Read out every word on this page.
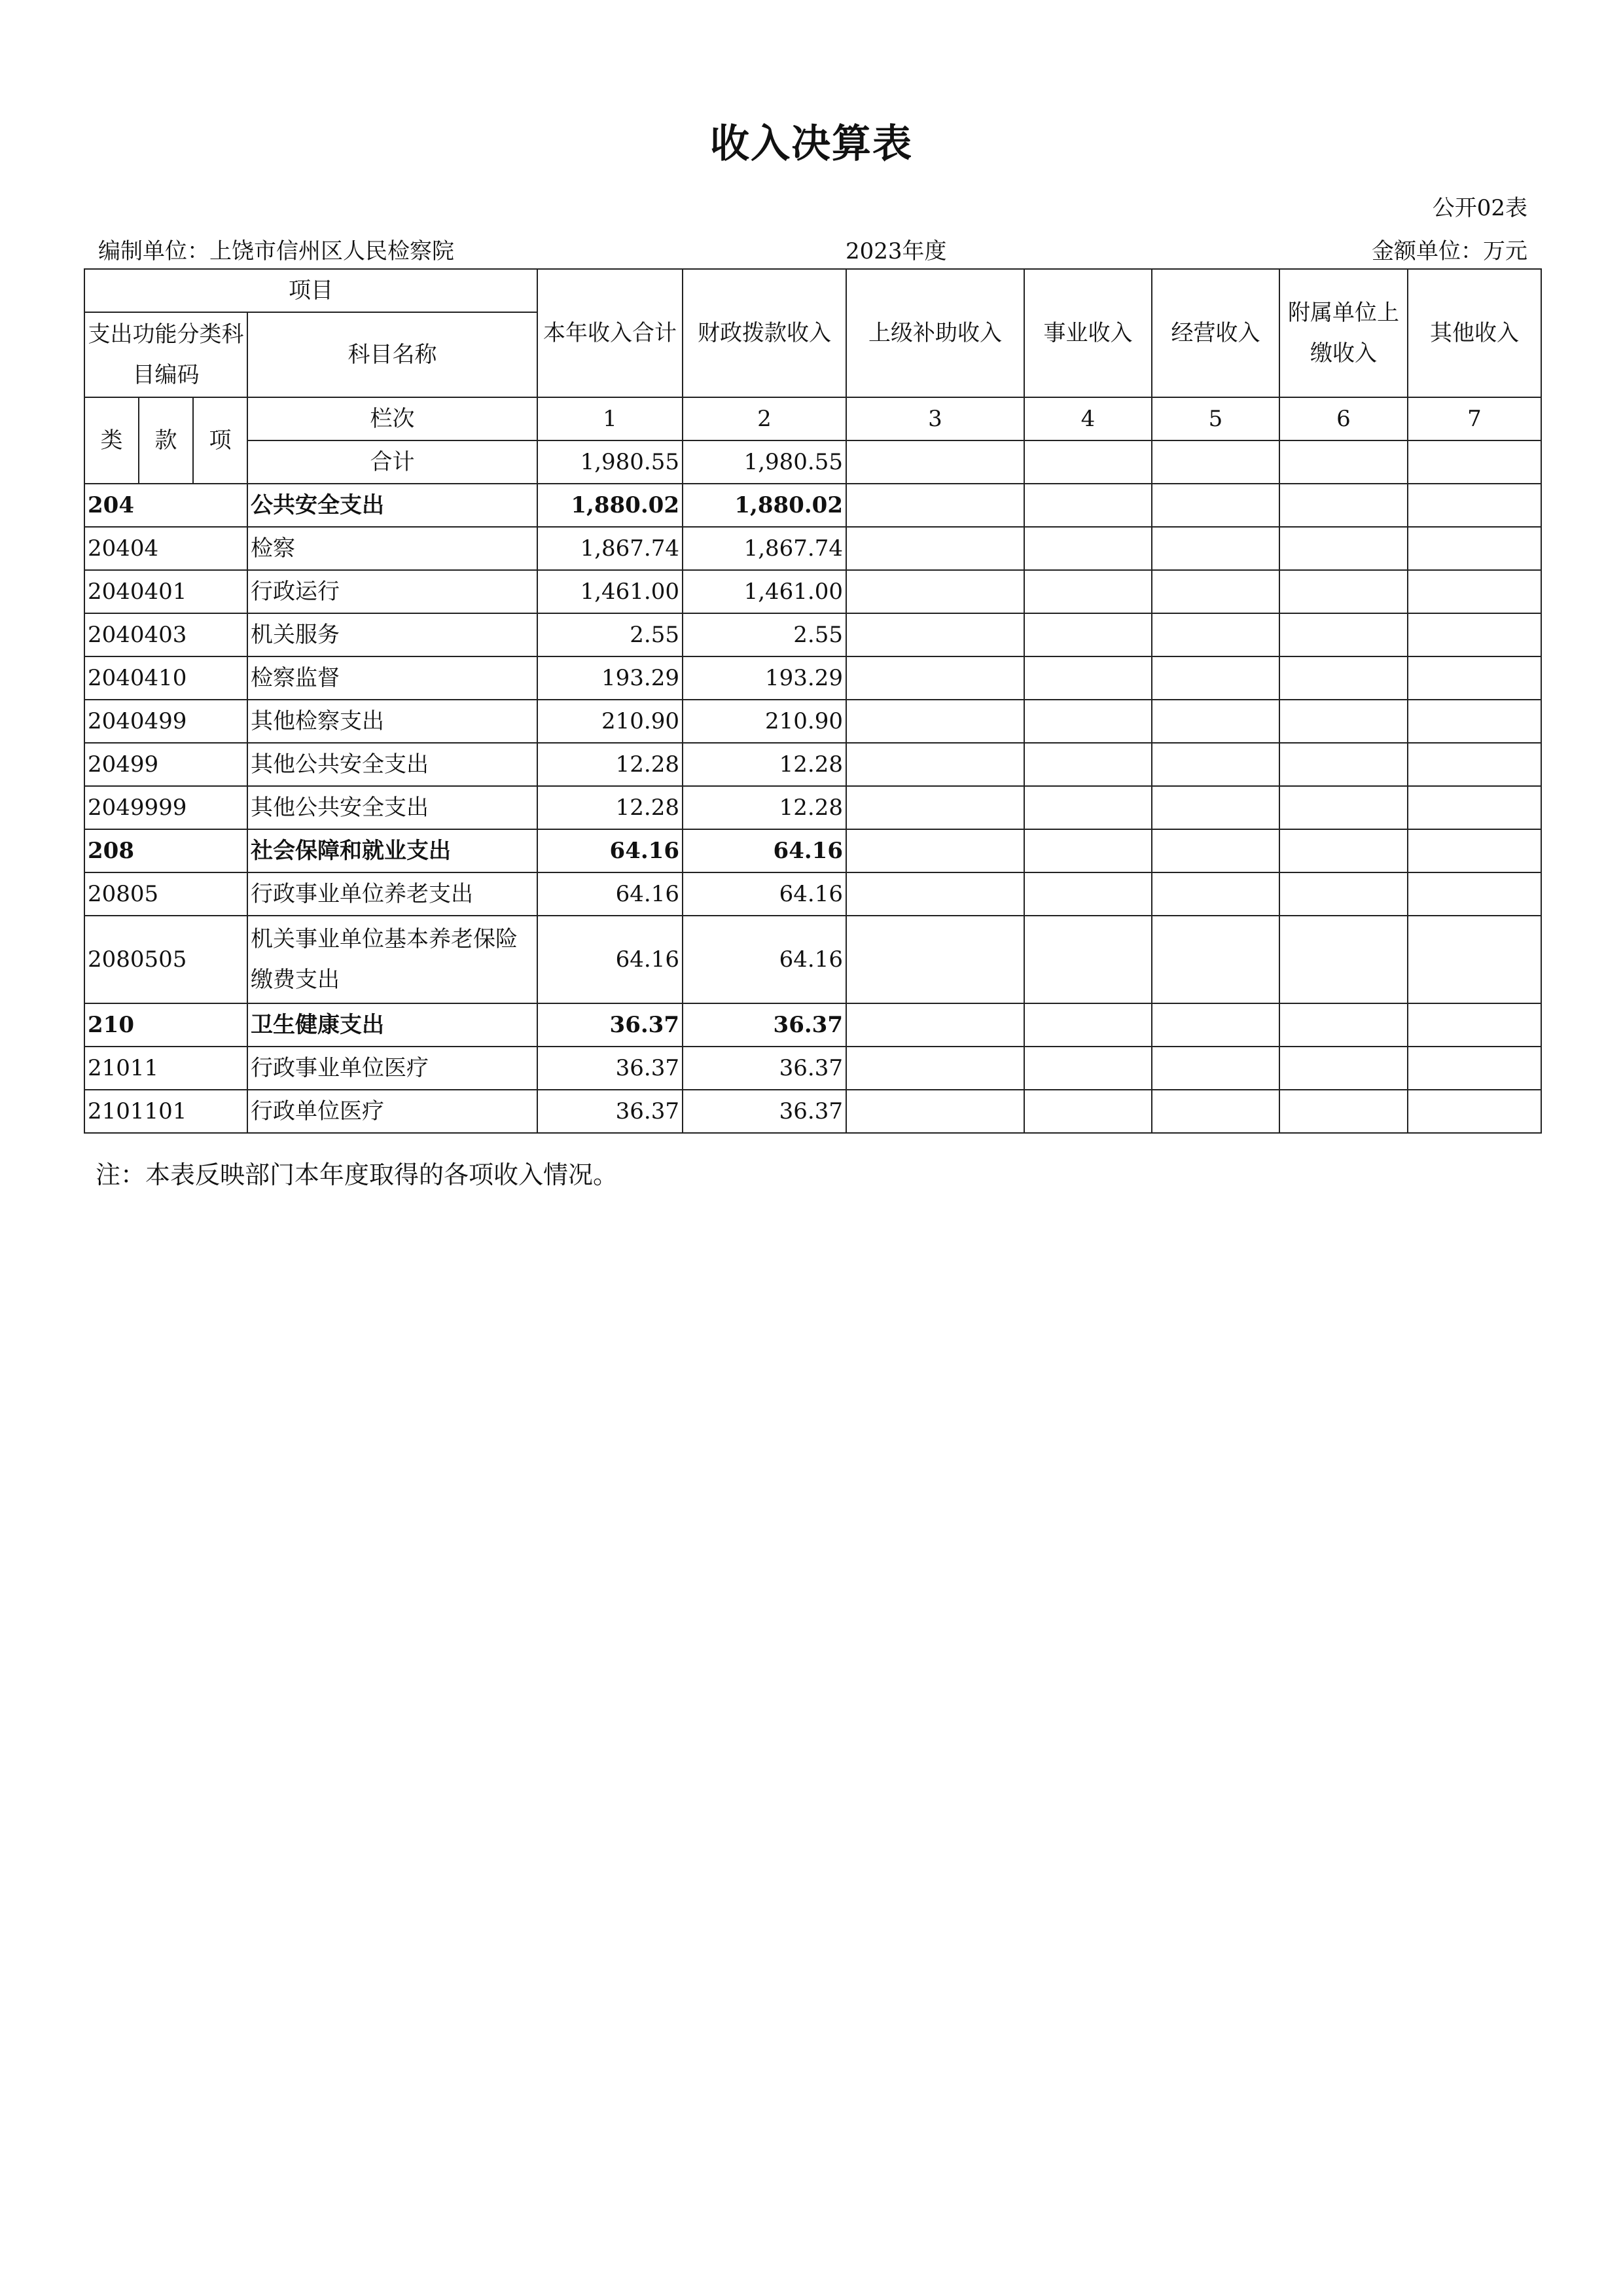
收入决算表
公开02表
编制单位：上饶市信州区人民检察院	2023年度	金额单位：万元
项目				本年收入合计	财政拨款收入	上级补助收入	事业收入	经营收入	附属单位上缴收入	其他收入
支出功能分类科目编码			科目名称							
类	款	项	栏次	1	2	3	4	5	6	7
			合计	1,980.55	1,980.55					
204			公共安全支出	1,880.02	1,880.02					
20404			检察	1,867.74	1,867.74					
2040401			行政运行	1,461.00	1,461.00					
2040403			机关服务	2.55	2.55					
2040410			检察监督	193.29	193.29					
2040499			其他检察支出	210.90	210.90					
20499			其他公共安全支出	12.28	12.28					
2049999			其他公共安全支出	12.28	12.28					
208			社会保障和就业支出	64.16	64.16					
20805			行政事业单位养老支出	64.16	64.16					
2080505			机关事业单位基本养老保险缴费支出	64.16	64.16					
210			卫生健康支出	36.37	36.37					
21011			行政事业单位医疗	36.37	36.37					
2101101			行政单位医疗	36.37	36.37					
注：本表反映部门本年度取得的各项收入情况。
